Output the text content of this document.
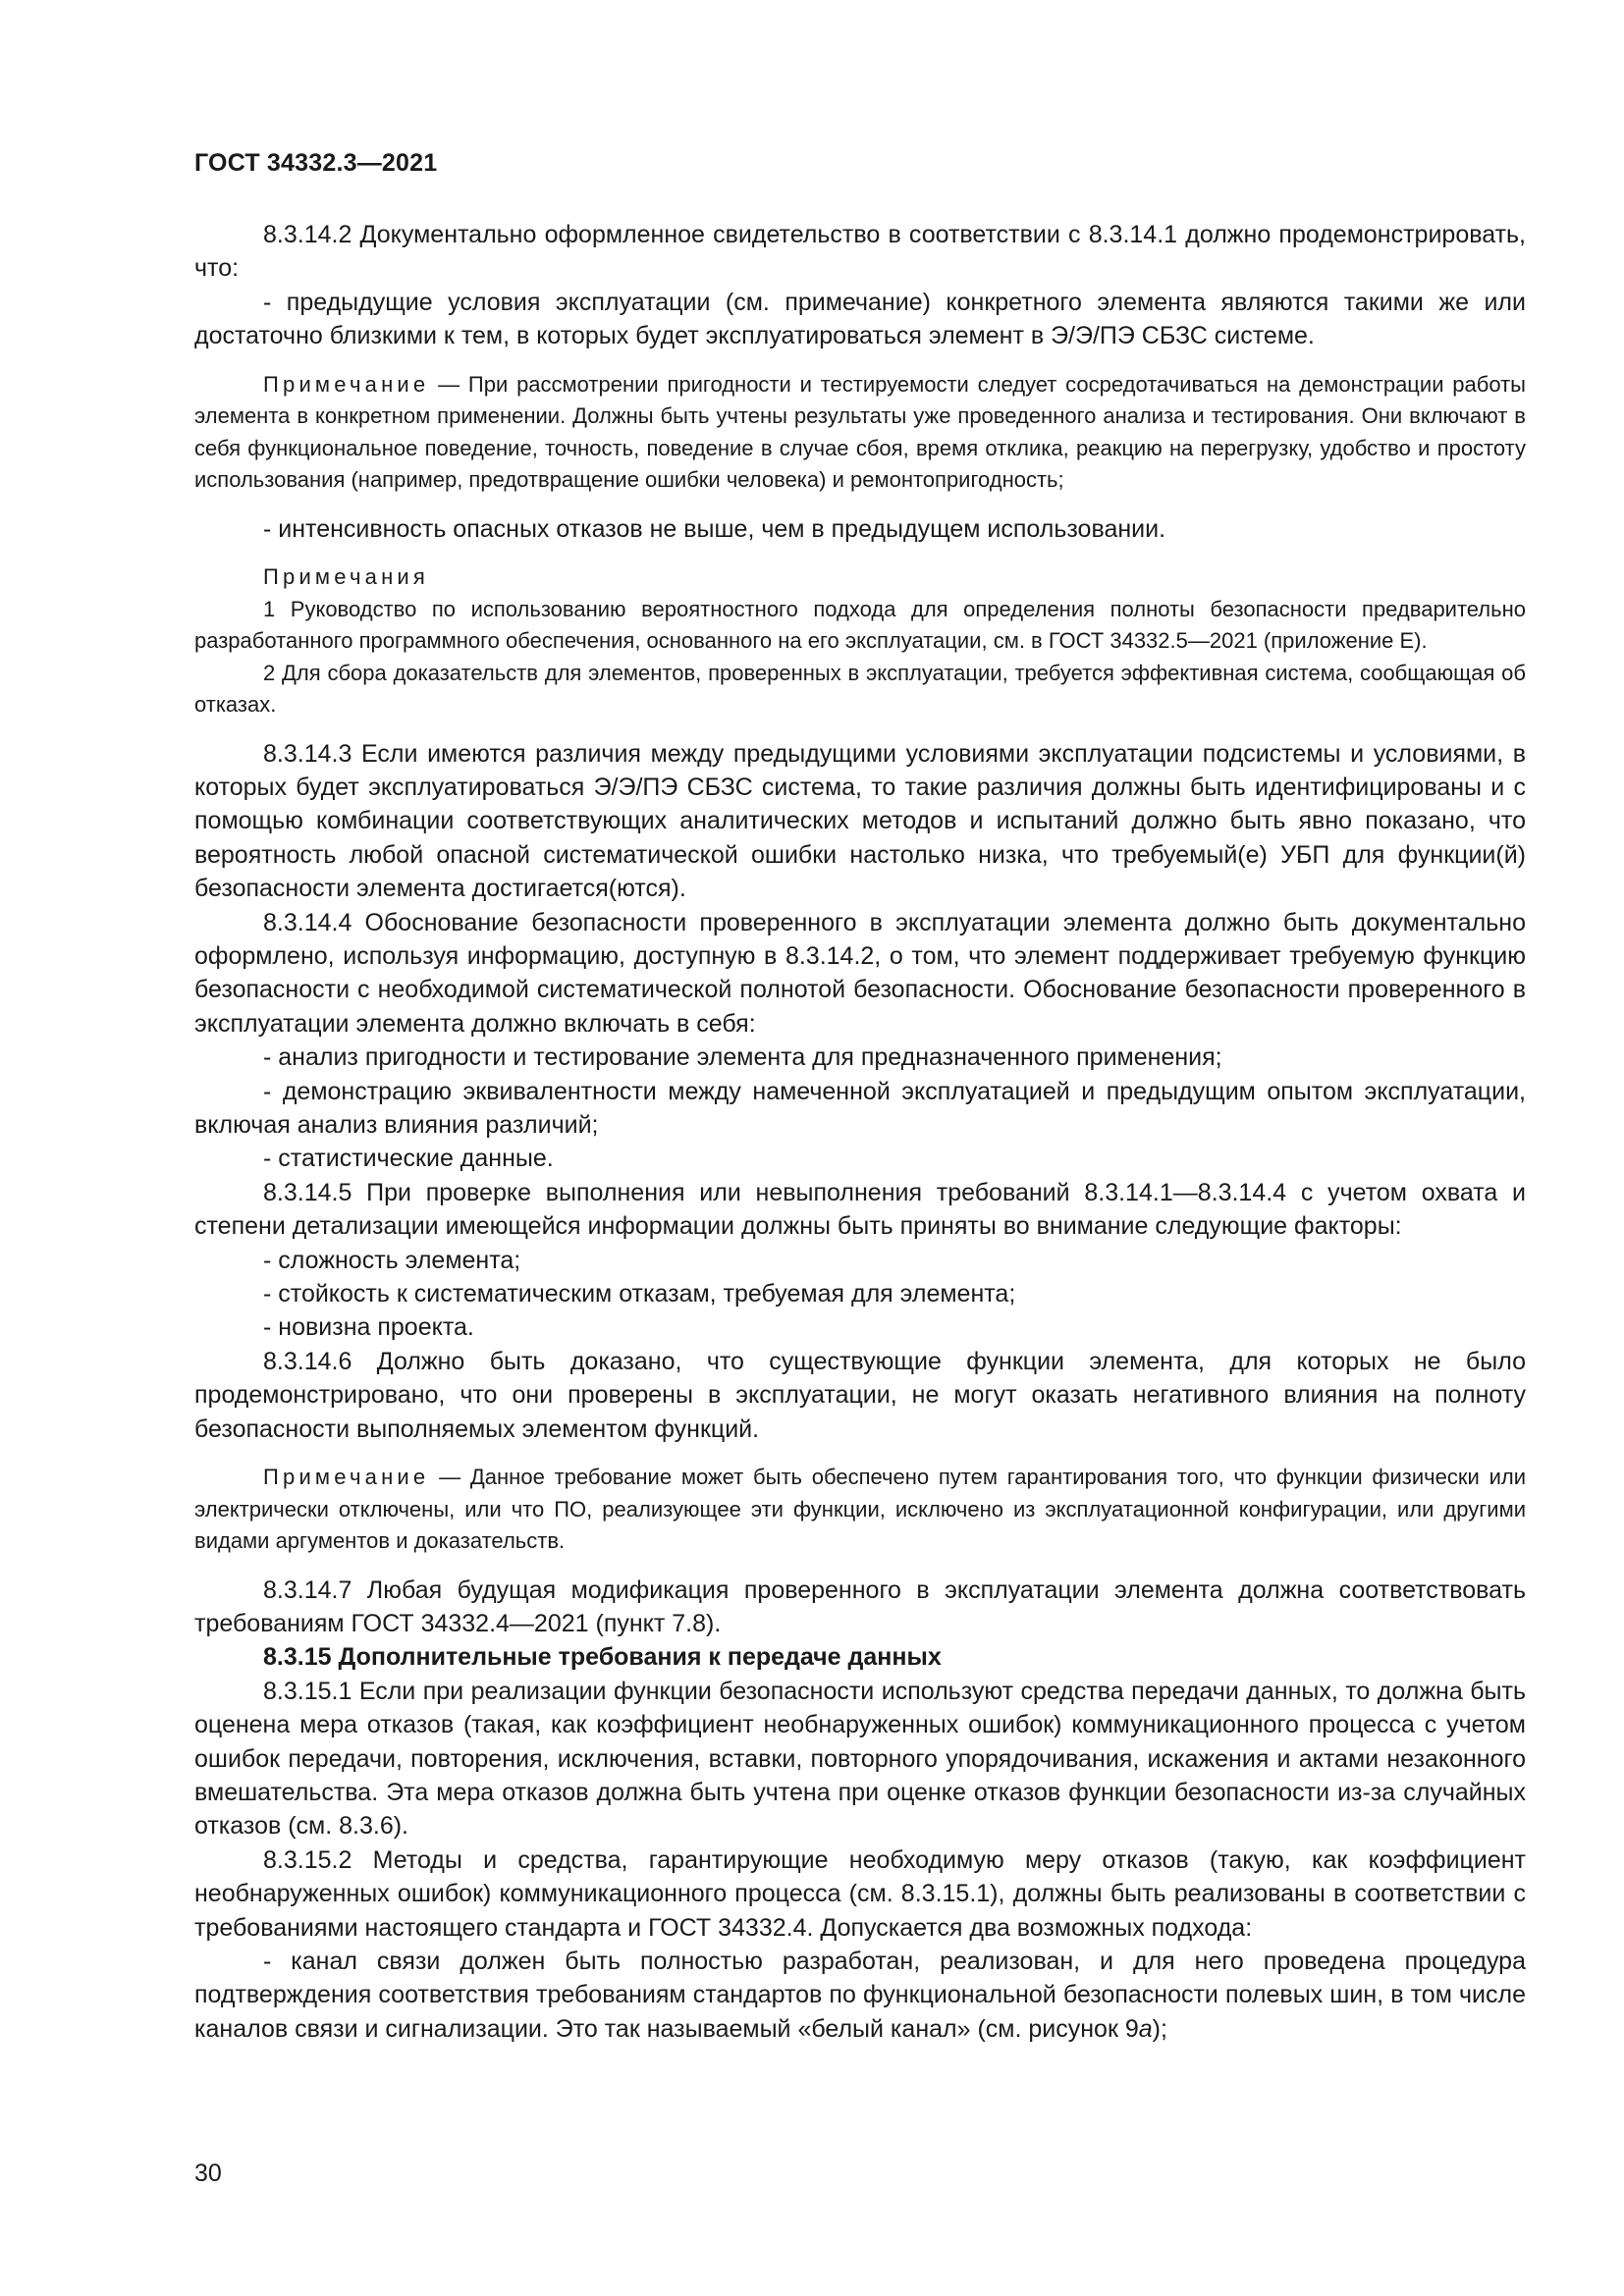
ГОСТ 34332.3—2021

8.3.14.2 Документально оформленное свидетельство в соответствии с 8.3.14.1 должно продемонстрировать, что:

- предыдущие условия эксплуатации (см. примечание) конкретного элемента являются такими же или достаточно близкими к тем, в которых будет эксплуатироваться элемент в Э/Э/ПЭ СБЗС системе.

Примечание — При рассмотрении пригодности и тестируемости следует сосредотачиваться на демонстрации работы элемента в конкретном применении. Должны быть учтены результаты уже проведенного анализа и тестирования. Они включают в себя функциональное поведение, точность, поведение в случае сбоя, время отклика, реакцию на перегрузку, удобство и простоту использования (например, предотвращение ошибки человека) и ремонтопригодность;

- интенсивность опасных отказов не выше, чем в предыдущем использовании.

Примечания

1 Руководство по использованию вероятностного подхода для определения полноты безопасности предварительно разработанного программного обеспечения, основанного на его эксплуатации, см. в ГОСТ 34332.5—2021 (приложение Е).

2 Для сбора доказательств для элементов, проверенных в эксплуатации, требуется эффективная система, сообщающая об отказах.

8.3.14.3 Если имеются различия между предыдущими условиями эксплуатации подсистемы и условиями, в которых будет эксплуатироваться Э/Э/ПЭ СБЗС система, то такие различия должны быть идентифицированы и с помощью комбинации соответствующих аналитических методов и испытаний должно быть явно показано, что вероятность любой опасной систематической ошибки настолько низка, что требуемый(е) УБП для функции(й) безопасности элемента достигается(ются).

8.3.14.4 Обоснование безопасности проверенного в эксплуатации элемента должно быть документально оформлено, используя информацию, доступную в 8.3.14.2, о том, что элемент поддерживает требуемую функцию безопасности с необходимой систематической полнотой безопасности. Обоснование безопасности проверенного в эксплуатации элемента должно включать в себя:

- анализ пригодности и тестирование элемента для предназначенного применения;

- демонстрацию эквивалентности между намеченной эксплуатацией и предыдущим опытом эксплуатации, включая анализ влияния различий;

- статистические данные.

8.3.14.5 При проверке выполнения или невыполнения требований 8.3.14.1—8.3.14.4 с учетом охвата и степени детализации имеющейся информации должны быть приняты во внимание следующие факторы:

- сложность элемента;

- стойкость к систематическим отказам, требуемая для элемента;

- новизна проекта.

8.3.14.6 Должно быть доказано, что существующие функции элемента, для которых не было продемонстрировано, что они проверены в эксплуатации, не могут оказать негативного влияния на полноту безопасности выполняемых элементом функций.

Примечание — Данное требование может быть обеспечено путем гарантирования того, что функции физически или электрически отключены, или что ПО, реализующее эти функции, исключено из эксплуатационной конфигурации, или другими видами аргументов и доказательств.

8.3.14.7 Любая будущая модификация проверенного в эксплуатации элемента должна соответствовать требованиям ГОСТ 34332.4—2021 (пункт 7.8).

8.3.15 Дополнительные требования к передаче данных

8.3.15.1 Если при реализации функции безопасности используют средства передачи данных, то должна быть оценена мера отказов (такая, как коэффициент необнаруженных ошибок) коммуникационного процесса с учетом ошибок передачи, повторения, исключения, вставки, повторного упорядочивания, искажения и актами незаконного вмешательства. Эта мера отказов должна быть учтена при оценке отказов функции безопасности из-за случайных отказов (см. 8.3.6).

8.3.15.2 Методы и средства, гарантирующие необходимую меру отказов (такую, как коэффициент необнаруженных ошибок) коммуникационного процесса (см. 8.3.15.1), должны быть реализованы в соответствии с требованиями настоящего стандарта и ГОСТ 34332.4. Допускается два возможных подхода:

- канал связи должен быть полностью разработан, реализован, и для него проведена процедура подтверждения соответствия требованиям стандартов по функциональной безопасности полевых шин, в том числе каналов связи и сигнализации. Это так называемый «белый канал» (см. рисунок 9а);

30
